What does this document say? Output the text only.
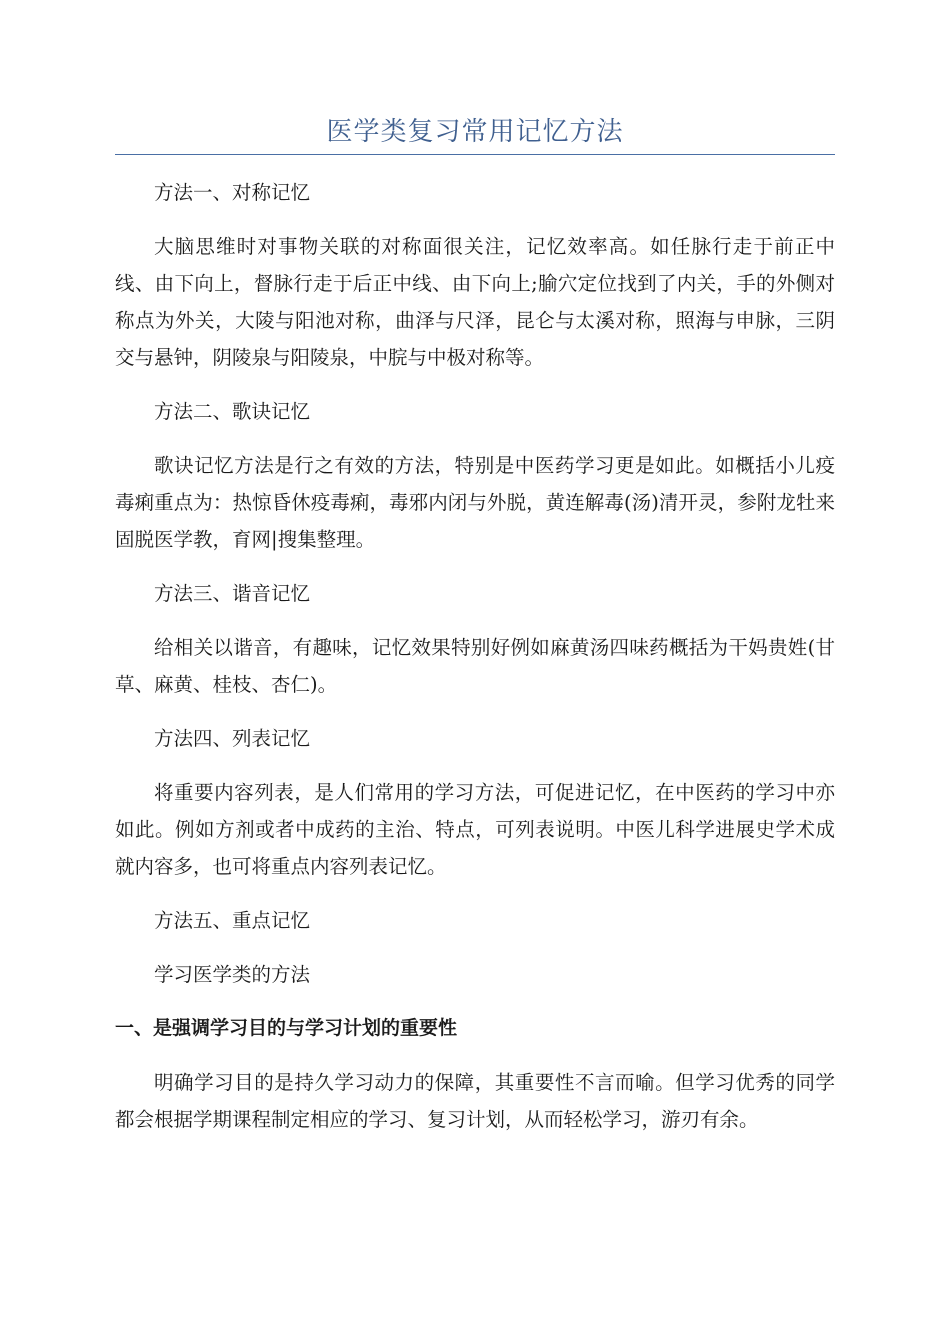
医学类复习常用记忆方法

方法一、对称记忆

大脑思维时对事物关联的对称面很关注，记忆效率高。如任脉行走于前正中线、由下向上，督脉行走于后正中线、由下向上;腧穴定位找到了内关，手的外侧对称点为外关，大陵与阳池对称，曲泽与尺泽，昆仑与太溪对称，照海与申脉，三阴交与悬钟，阴陵泉与阳陵泉，中脘与中极对称等。

方法二、歌诀记忆

歌诀记忆方法是行之有效的方法，特别是中医药学习更是如此。如概括小儿疫毒痢重点为：热惊昏休疫毒痢，毒邪内闭与外脱，黄连解毒(汤)清开灵，参附龙牡来固脱医学教，育网|搜集整理。

方法三、谐音记忆

给相关以谐音，有趣味，记忆效果特别好例如麻黄汤四味药概括为干妈贵姓(甘草、麻黄、桂枝、杏仁)。

方法四、列表记忆

将重要内容列表，是人们常用的学习方法，可促进记忆，在中医药的学习中亦如此。例如方剂或者中成药的主治、特点，可列表说明。中医儿科学进展史学术成就内容多，也可将重点内容列表记忆。

方法五、重点记忆

学习医学类的方法

一、是强调学习目的与学习计划的重要性

明确学习目的是持久学习动力的保障，其重要性不言而喻。但学习优秀的同学都会根据学期课程制定相应的学习、复习计划，从而轻松学习，游刃有余。
